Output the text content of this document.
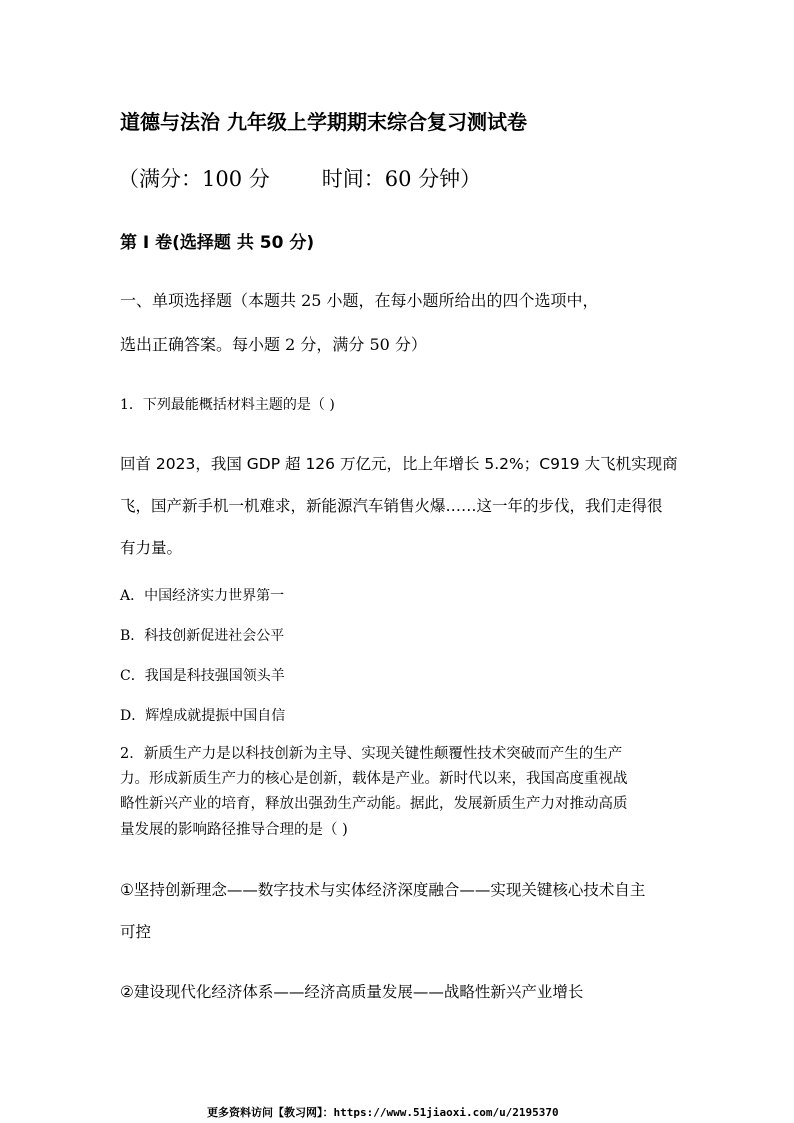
道德与法治 九年级上学期期末综合复习测试卷
（满分：100 分 时间：60 分钟）
第 I 卷(选择题 共 50 分)
一、单项选择题（本题共 25 小题，在每小题所给出的四个选项中，
选出正确答案。每小题 2 分，满分 50 分）
1．下列最能概括材料主题的是（ )
回首 2023，我国 GDP 超 126 万亿元，比上年增长 5.2%；C919 大飞机实现商
飞，国产新手机一机难求，新能源汽车销售火爆……这一年的步伐，我们走得很
有力量。
A．中国经济实力世界第一
B．科技创新促进社会公平
C．我国是科技强国领头羊
D．辉煌成就提振中国自信
2．新质生产力是以科技创新为主导、实现关键性颠覆性技术突破而产生的生产
力。形成新质生产力的核心是创新，载体是产业。新时代以来，我国高度重视战
略性新兴产业的培育，释放出强劲生产动能。据此，发展新质生产力对推动高质
量发展的影响路径推导合理的是（ )
①坚持创新理念——数字技术与实体经济深度融合——实现关键核心技术自主
可控
②建设现代化经济体系——经济高质量发展——战略性新兴产业增长
更多资料访问【教习网】：https://www.51jiaoxi.com/u/2195370
